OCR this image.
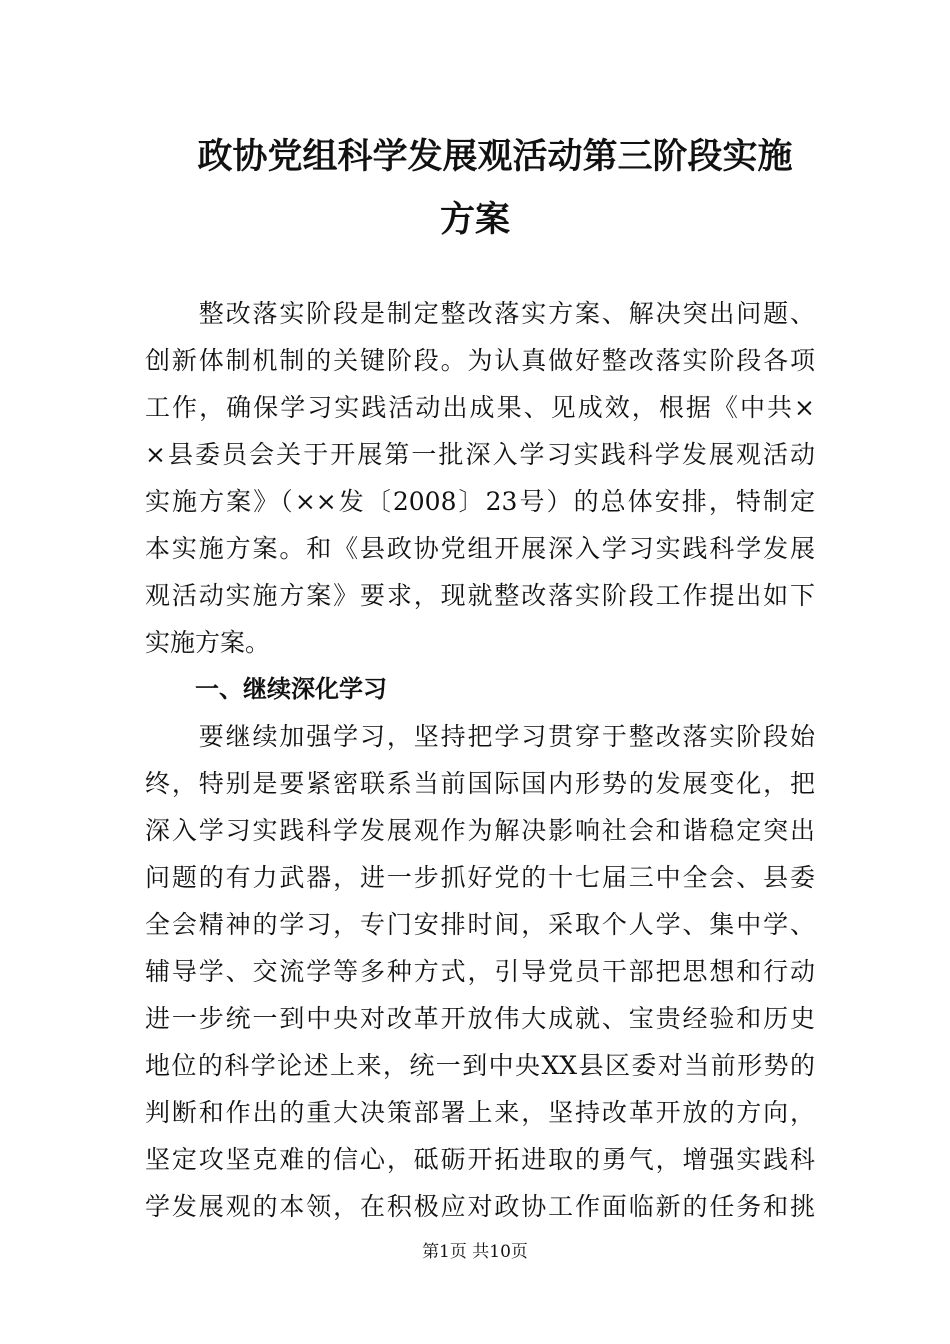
政协党组科学发展观活动第三阶段实施
方案

　　整改落实阶段是制定整改落实方案、解决突出问题、

创新体制机制的关键阶段。为认真做好整改落实阶段各项

工作，确保学习实践活动出成果、见成效，根据《中共×

×县委员会关于开展第一批深入学习实践科学发展观活动

实施方案》（××发〔2008〕23号）的总体安排，特制定

本实施方案。和《县政协党组开展深入学习实践科学发展

观活动实施方案》要求，现就整改落实阶段工作提出如下

实施方案。

一、继续深化学习

　　要继续加强学习，坚持把学习贯穿于整改落实阶段始

终，特别是要紧密联系当前国际国内形势的发展变化，把

深入学习实践科学发展观作为解决影响社会和谐稳定突出

问题的有力武器，进一步抓好党的十七届三中全会、县委

全会精神的学习，专门安排时间，采取个人学、集中学、

辅导学、交流学等多种方式，引导党员干部把思想和行动

进一步统一到中央对改革开放伟大成就、宝贵经验和历史

地位的科学论述上来，统一到中央XX县区委对当前形势的

判断和作出的重大决策部署上来，坚持改革开放的方向，

坚定攻坚克难的信心，砥砺开拓进取的勇气，增强实践科

学发展观的本领，在积极应对政协工作面临新的任务和挑

第1页 共10页
